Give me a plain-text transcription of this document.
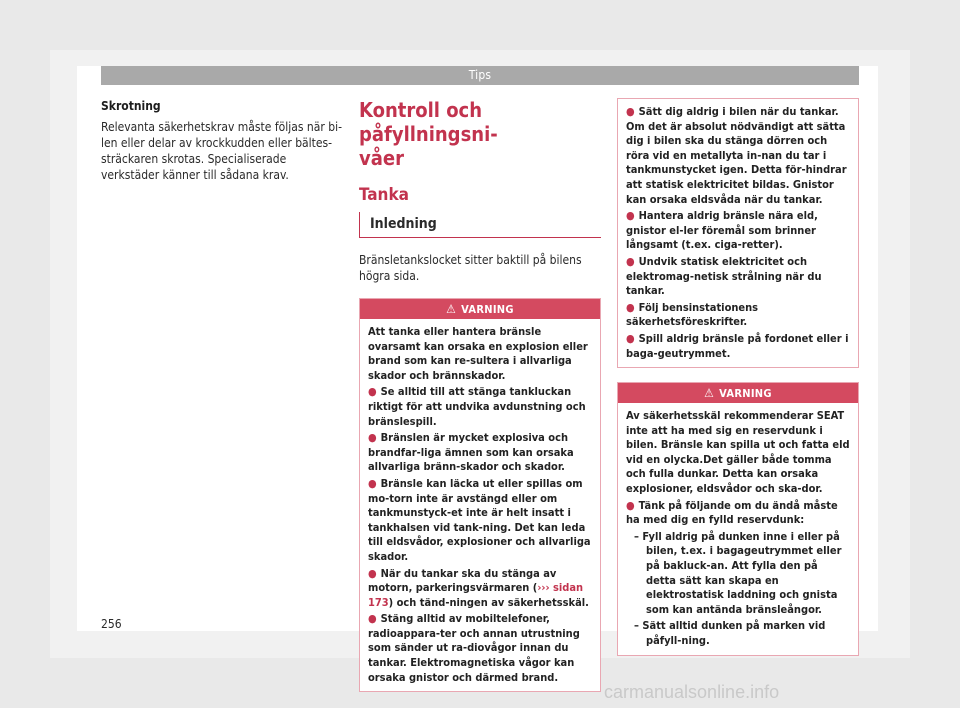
Tips
Skrotning

Relevanta säkerhetskrav måste följas när bi-len eller delar av krockkudden eller bältes-sträckaren skrotas. Specialiserade verkstäder känner till sådana krav.

Kontroll och påfyllningsni-
våer
Tanka
Inledning

Bränsletankslocket sitter baktill på bilens högra sida.

⚠ VARNING

Att tanka eller hantera bränsle ovarsamt kan orsaka en explosion eller brand som kan re-sultera i allvarliga skador och brännskador.

● Se alltid till att stänga tankluckan riktigt för att undvika avdunstning och bränslespill.

● Bränslen är mycket explosiva och brandfar-liga ämnen som kan orsaka allvarliga bränn-skador och skador.

● Bränsle kan läcka ut eller spillas om mo-torn inte är avstängd eller om tankmunstyck-et inte är helt insatt i tankhalsen vid tank-ning. Det kan leda till eldsvådor, explosioner och allvarliga skador.

● När du tankar ska du stänga av motorn, parkeringsvärmaren (››› sidan 173) och tänd-ningen av säkerhetsskäl.

● Stäng alltid av mobiltelefoner, radioappara-ter och annan utrustning som sänder ut ra-diovågor innan du tankar. Elektromagnetiska vågor kan orsaka gnistor och därmed brand.

● Sätt dig aldrig i bilen när du tankar. Om det är absolut nödvändigt att sätta dig i bilen ska du stänga dörren och röra vid en metallyta in-nan du tar i tankmunstycket igen. Detta för-hindrar att statisk elektricitet bildas. Gnistor kan orsaka eldsvåda när du tankar.

● Hantera aldrig bränsle nära eld, gnistor el-ler föremål som brinner långsamt (t.ex. ciga-retter).

● Undvik statisk elektricitet och elektromag-netisk strålning när du tankar.

● Följ bensinstationens säkerhetsföreskrifter.

● Spill aldrig bränsle på fordonet eller i baga-geutrymmet.

⚠ VARNING

Av säkerhetsskäl rekommenderar SEAT inte att ha med sig en reservdunk i bilen. Bränsle kan spilla ut och fatta eld vid en olycka.Det gäller både tomma och fulla dunkar. Detta kan orsaka explosioner, eldsvådor och ska-dor.

● Tänk på följande om du ändå måste ha med dig en fylld reservdunk:

– Fyll aldrig på dunken inne i eller på bilen, t.ex. i bagageutrymmet eller på bakluck-an. Att fylla den på detta sätt kan skapa en elektrostatisk laddning och gnista som kan antända bränsleångor.

– Sätt alltid dunken på marken vid påfyll-ning.

256
carmanualsonline.info
